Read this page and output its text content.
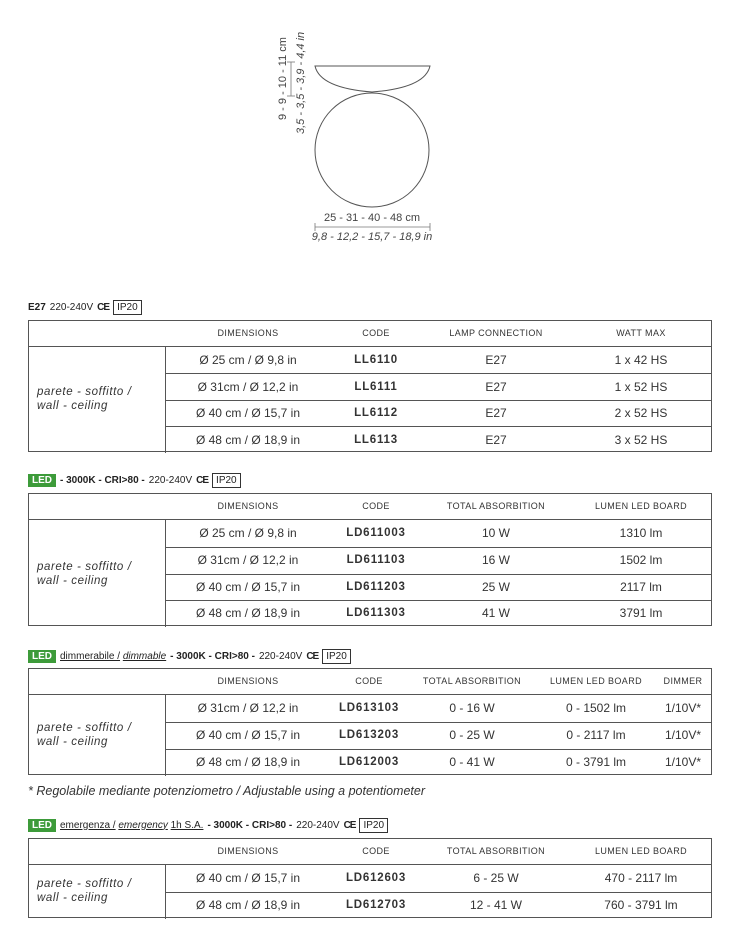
9 - 9 - 10 - 11 cm 3,5 - 3,5 - 3,9 - 4,4 in
25 - 31 - 40 - 48 cm
9,8 - 12,2 - 15,7 - 18,9 in
E27 220-240V CE IP20
DIMENSIONS	CODE	LAMP CONNECTION	WATT MAX
parete - soffitto /
wall - ceiling
Ø 25 cm / Ø 9,8 in	LL6110	E27	1 x 42 HS
Ø 31cm / Ø 12,2 in	LL6111	E27	1 x 52 HS
Ø 40 cm / Ø 15,7 in	LL6112	E27	2 x 52 HS
Ø 48 cm / Ø 18,9 in	LL6113	E27	3 x 52 HS
LED - 3000K - CRI>80 - 220-240V CE IP20
DIMENSIONS	CODE	TOTAL ABSORBITION	LUMEN LED BOARD
parete - soffitto /
wall - ceiling
Ø 25 cm / Ø 9,8 in	LD611003	10 W	1310 lm
Ø 31cm / Ø 12,2 in	LD611103	16 W	1502 lm
Ø 40 cm / Ø 15,7 in	LD611203	25 W	2117 lm
Ø 48 cm / Ø 18,9 in	LD611303	41 W	3791 lm
LED dimmerabile / dimmable - 3000K - CRI>80 - 220-240V CE IP20
DIMENSIONS	CODE	TOTAL ABSORBITION	LUMEN LED BOARD	DIMMER
parete - soffitto /
wall - ceiling
Ø 31cm / Ø 12,2 in	LD613103	0 - 16 W	0 - 1502 lm	1/10V*
Ø 40 cm / Ø 15,7 in	LD613203	0 - 25 W	0 - 2117 lm	1/10V*
Ø 48 cm / Ø 18,9 in	LD612003	0 - 41 W	0 - 3791 lm	1/10V*
* Regolabile mediante potenziometro / Adjustable using a potentiometer
LED emergenza / emergency 1h S.A. - 3000K - CRI>80 - 220-240V CE IP20
DIMENSIONS	CODE	TOTAL ABSORBITION	LUMEN LED BOARD
parete - soffitto /
wall - ceiling
Ø 40 cm / Ø 15,7 in	LD612603	6 - 25 W	470 - 2117 lm
Ø 48 cm / Ø 18,9 in	LD612703	12 - 41 W	760 - 3791 lm
